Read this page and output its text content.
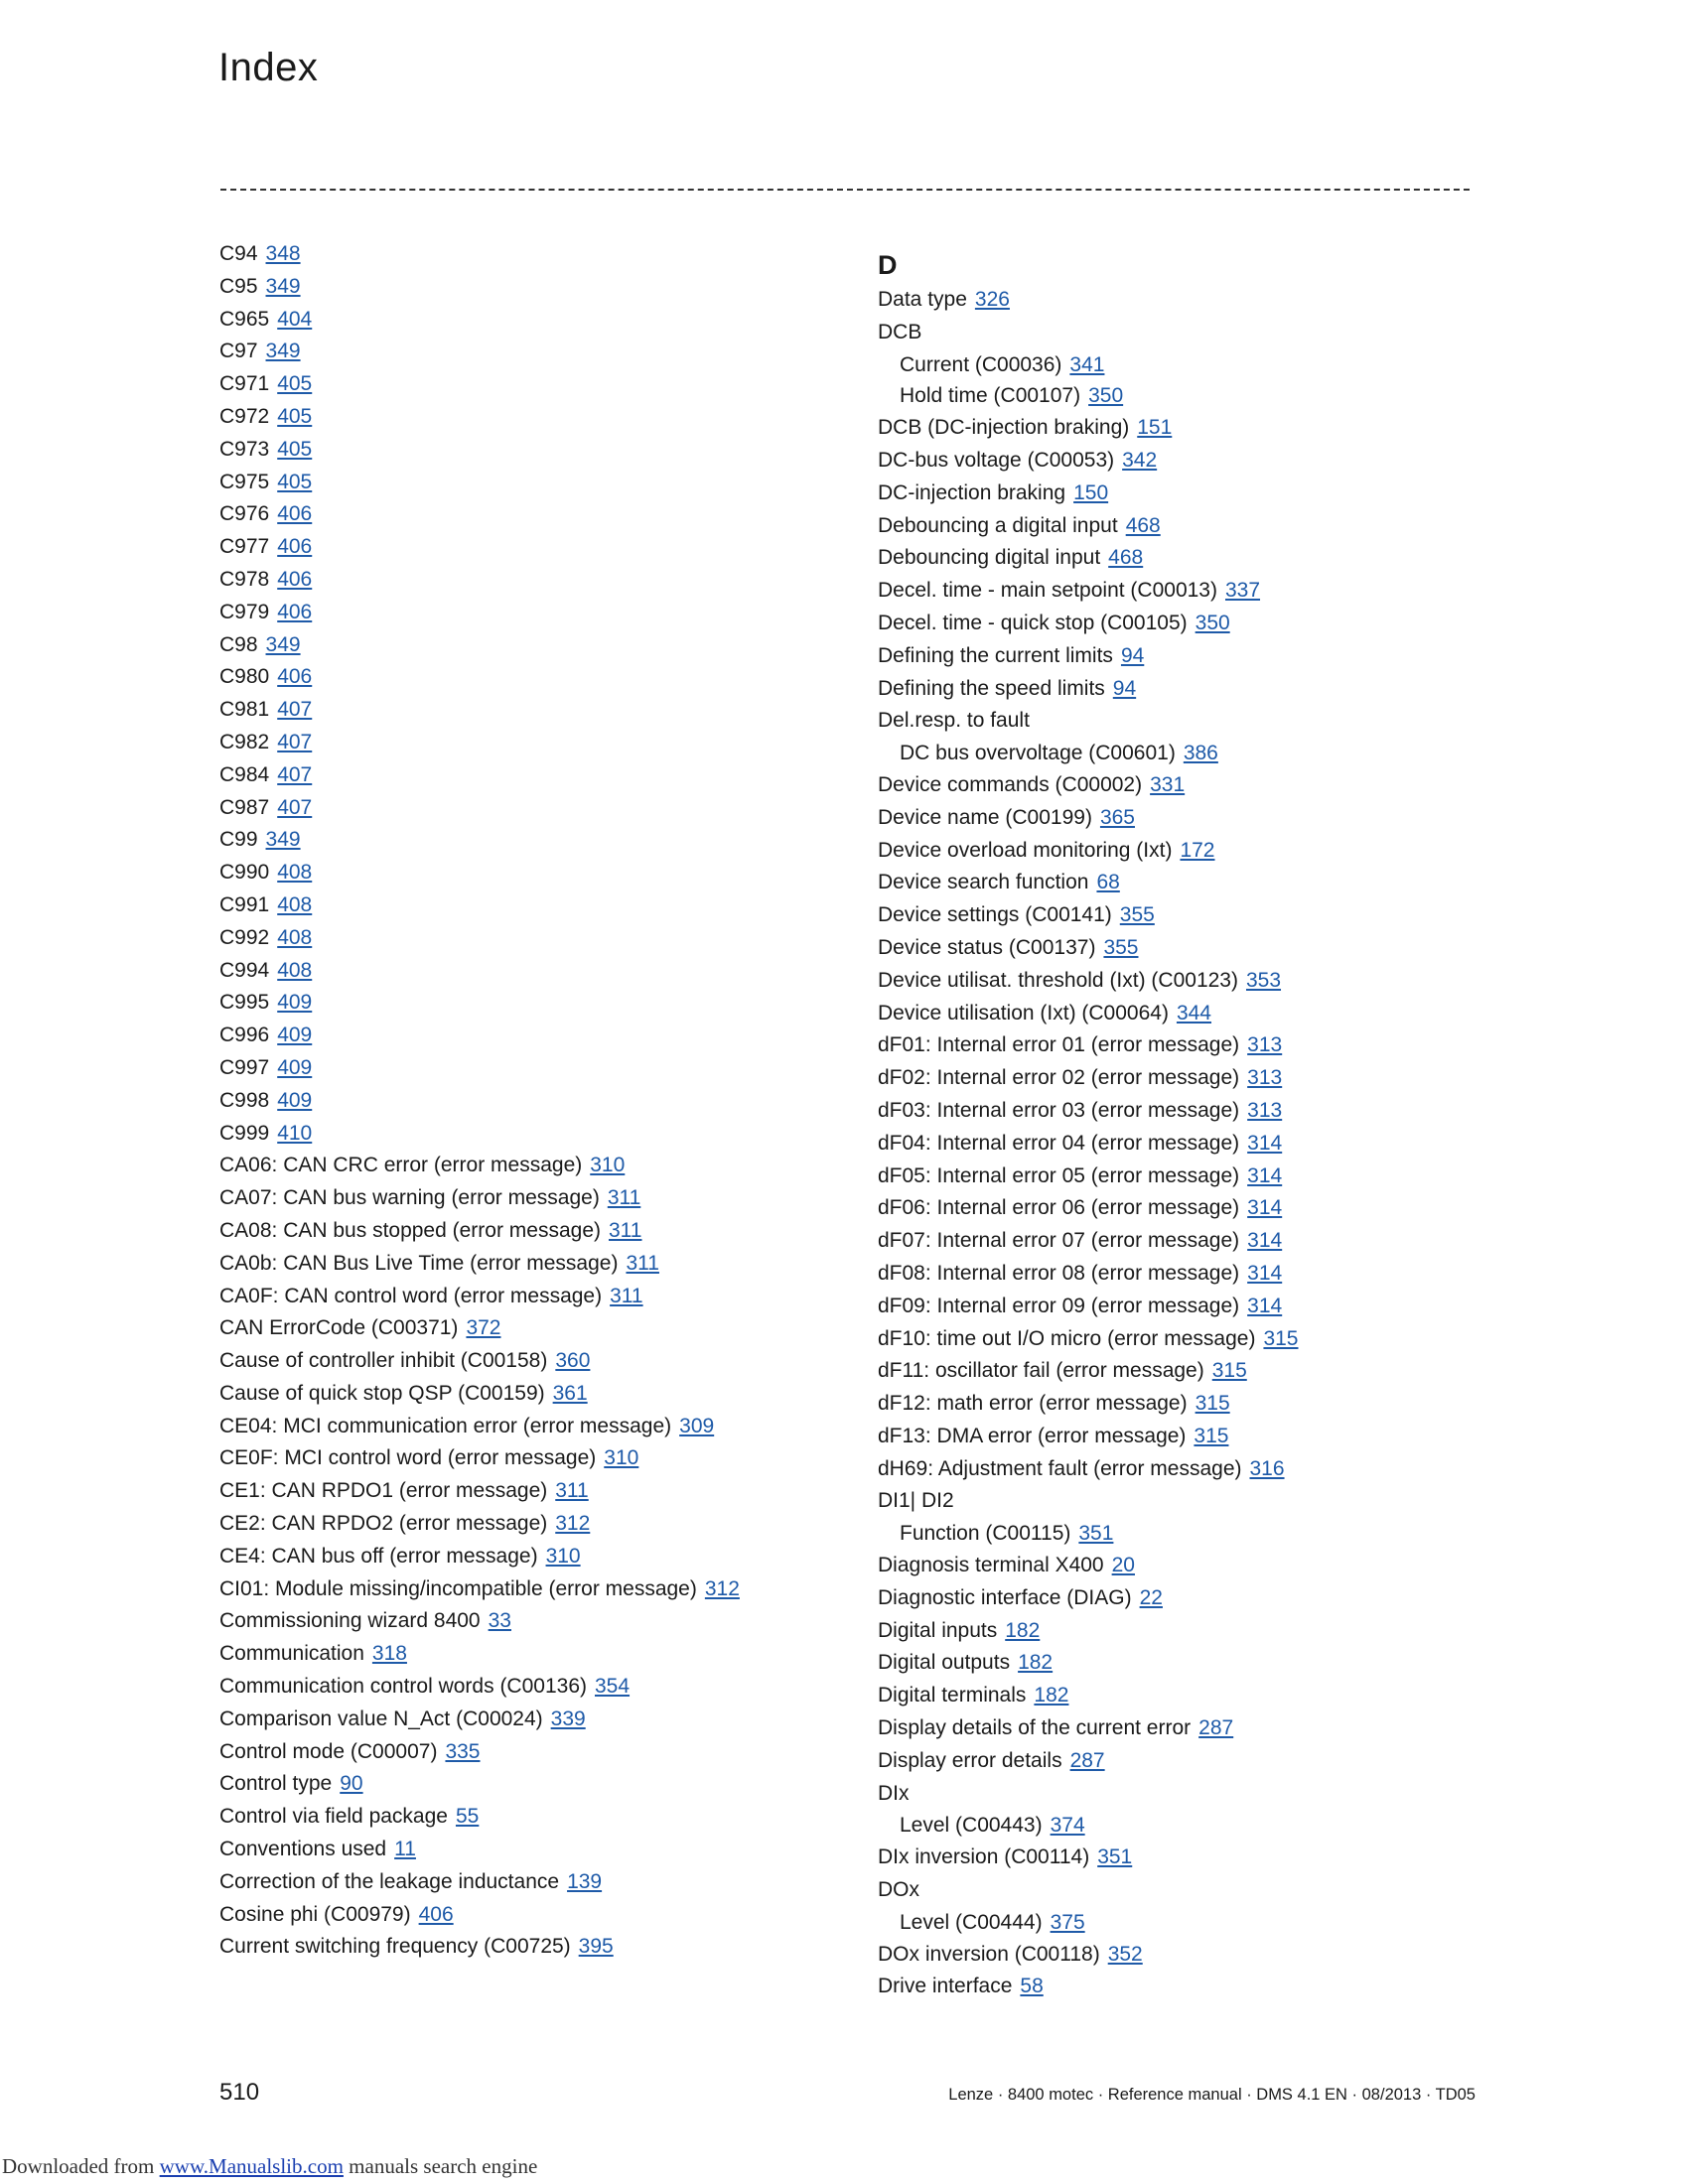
Index
C94 348
C95 349
C965 404
C97 349
C971 405
C972 405
C973 405
C975 405
C976 406
C977 406
C978 406
C979 406
C98 349
C980 406
C981 407
C982 407
C984 407
C987 407
C99 349
C990 408
C991 408
C992 408
C994 408
C995 409
C996 409
C997 409
C998 409
C999 410
CA06: CAN CRC error (error message) 310
CA07: CAN bus warning (error message) 311
CA08: CAN bus stopped (error message) 311
CA0b: CAN Bus Live Time (error message) 311
CA0F: CAN control word (error message) 311
CAN ErrorCode (C00371) 372
Cause of controller inhibit (C00158) 360
Cause of quick stop QSP (C00159) 361
CE04: MCI communication error (error message) 309
CE0F: MCI control word (error message) 310
CE1: CAN RPDO1 (error message) 311
CE2: CAN RPDO2 (error message) 312
CE4: CAN bus off (error message) 310
CI01: Module missing/incompatible (error message) 312
Commissioning wizard 8400 33
Communication 318
Communication control words (C00136) 354
Comparison value N_Act (C00024) 339
Control mode (C00007) 335
Control type 90
Control via field package 55
Conventions used 11
Correction of the leakage inductance 139
Cosine phi (C00979) 406
Current switching frequency (C00725) 395
D
Data type 326
DCB
Current (C00036) 341
Hold time (C00107) 350
DCB (DC-injection braking) 151
DC-bus voltage (C00053) 342
DC-injection braking 150
Debouncing a digital input 468
Debouncing digital input 468
Decel. time - main setpoint (C00013) 337
Decel. time - quick stop (C00105) 350
Defining the current limits 94
Defining the speed limits 94
Del.resp. to fault
DC bus overvoltage (C00601) 386
Device commands (C00002) 331
Device name (C00199) 365
Device overload monitoring (Ixt) 172
Device search function 68
Device settings (C00141) 355
Device status (C00137) 355
Device utilisat. threshold (Ixt) (C00123) 353
Device utilisation (Ixt) (C00064) 344
dF01: Internal error 01 (error message) 313
dF02: Internal error 02 (error message) 313
dF03: Internal error 03 (error message) 313
dF04: Internal error 04 (error message) 314
dF05: Internal error 05 (error message) 314
dF06: Internal error 06 (error message) 314
dF07: Internal error 07 (error message) 314
dF08: Internal error 08 (error message) 314
dF09: Internal error 09 (error message) 314
dF10: time out I/O micro (error message) 315
dF11: oscillator fail (error message) 315
dF12: math error (error message) 315
dF13: DMA error (error message) 315
dH69: Adjustment fault (error message) 316
DI1| DI2
Function (C00115) 351
Diagnosis terminal X400 20
Diagnostic interface (DIAG) 22
Digital inputs 182
Digital outputs 182
Digital terminals 182
Display details of the current error 287
Display error details 287
DIx
Level (C00443) 374
DIx inversion (C00114) 351
DOx
Level (C00444) 375
DOx inversion (C00118) 352
Drive interface 58
510	Lenze · 8400 motec · Reference manual · DMS 4.1 EN · 08/2013 · TD05
Downloaded from www.Manualslib.com manuals search engine
